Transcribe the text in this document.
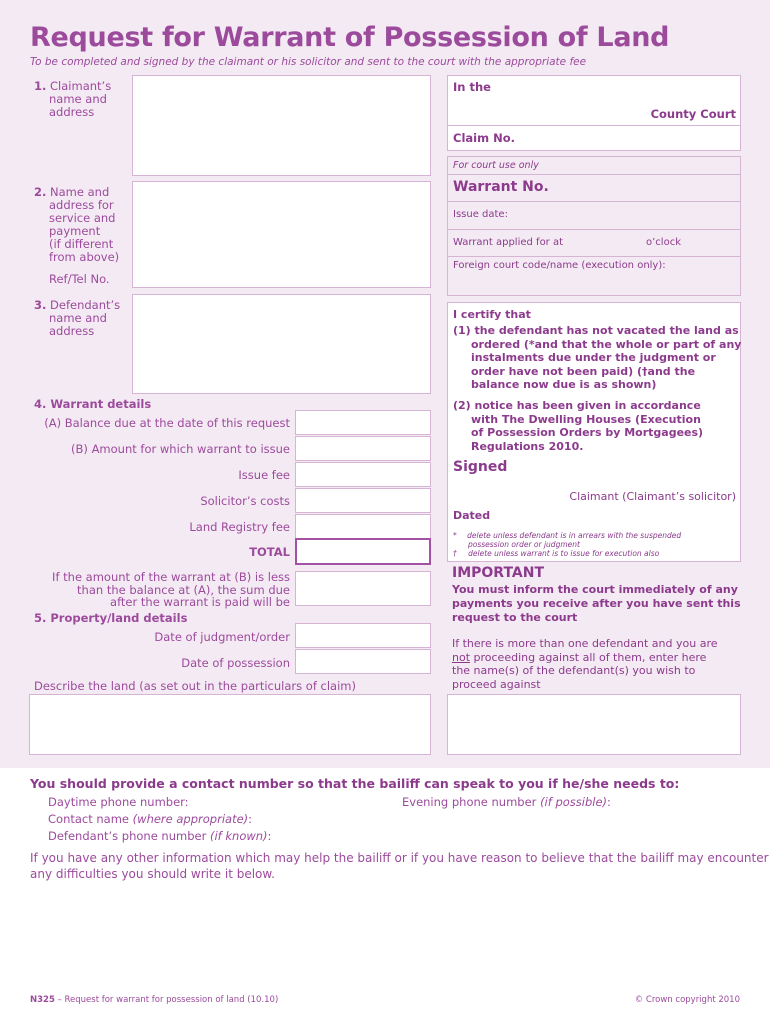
Request for Warrant of Possession of Land
To be completed and signed by the claimant or his solicitor and sent to the court with the appropriate fee
1. Claimant’s
name and
address
2. Name and
address for
service and
payment
(if different
from above)
Ref/Tel No.
3. Defendant’s
name and
address
4. Warrant details
(A) Balance due at the date of this request
(B) Amount for which warrant to issue
Issue fee
Solicitor’s costs
Land Registry fee
TOTAL
If the amount of the warrant at (B) is less
than the balance at (A), the sum due
after the warrant is paid will be
5. Property/land details
Date of judgment/order
Date of possession
Describe the land (as set out in the particulars of claim)
In the
County Court
Claim No.
For court use only
Warrant No.
Issue date:
Warrant applied for at	o’clock
Foreign court code/name (execution only):
I certify that
(1) the defendant has not vacated the land as
ordered (*and that the whole or part of any
instalments due under the judgment or
order have not been paid) (†and the
balance now due is as shown)
(2) notice has been given in accordance
with The Dwelling Houses (Execution
of Possession Orders by Mortgagees)
Regulations 2010.
Signed
Claimant (Claimant’s solicitor)
Dated
* delete unless defendant is in arrears with the suspended
possession order or judgment
† delete unless warrant is to issue for execution also
IMPORTANT
You must inform the court immediately of any
payments you receive after you have sent this
request to the court
If there is more than one defendant and you are
not proceeding against all of them, enter here
the name(s) of the defendant(s) you wish to
proceed against
You should provide a contact number so that the bailiff can speak to you if he/she needs to:
Daytime phone number:	Evening phone number (if possible):
Contact name (where appropriate):
Defendant’s phone number (if known):
If you have any other information which may help the bailiff or if you have reason to believe that the bailiff may encounter
any difficulties you should write it below.
N325 – Request for warrant for possession of land (10.10)	© Crown copyright 2010
